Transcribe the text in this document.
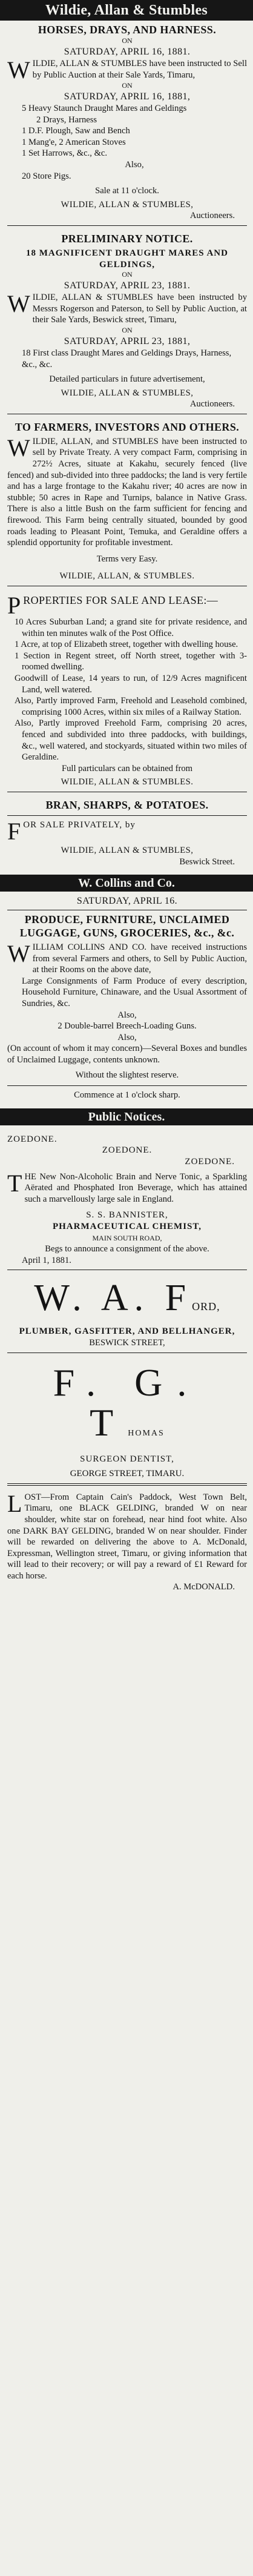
Wildie, Allan & Stumbles
HORSES, DRAYS, AND HARNESS.
ON
SATURDAY, APRIL 16, 1881.
WILDIE, ALLAN & STUMBLES have been instructed to Sell by Public Auction at their Sale Yards, Timaru,
ON
SATURDAY, APRIL 16, 1881,
5 Heavy Staunch Draught Mares and Geldings
2 Drays, Harness
1 D.F. Plough, Saw and Bench
1 Mang'e, 2 American Stoves
1 Set Harrows, &c., &c.
Also,
20 Store Pigs.
Sale at 11 o'clock.
WILDIE, ALLAN & STUMBLES,
Auctioneers.
PRELIMINARY NOTICE.
18 MAGNIFICENT DRAUGHT MARES AND GELDINGS,
ON
SATURDAY, APRIL 23, 1881.
WILDIE, ALLAN & STUMBLES have been instructed by Messrs Rogerson and Paterson, to Sell by Public Auction, at their Sale Yards, Beswick street, Timaru,
ON
SATURDAY, APRIL 23, 1881,
18 First class Draught Mares and Geldings Drays, Harness, &c., &c.
Detailed particulars in future advertisement,
WILDIE, ALLAN & STUMBLES,
Auctioneers.
TO FARMERS, INVESTORS AND OTHERS.
WILDIE, ALLAN, and STUMBLES have been instructed to sell by Private Treaty. A very compact Farm, comprising in 272½ Acres, situate at Kakahu, securely fenced (live fenced) and sub-divided into three paddocks; the land is very fertile and has a large frontage to the Kakahu river; 40 acres are now in stubble; 50 acres in Rape and Turnips, balance in Native Grass. There is also a little Bush on the farm sufficient for fencing and firewood. This Farm being centrally situated, bounded by good roads leading to Pleasant Point, Temuka, and Geraldine offers a splendid opportunity for profitable investment.
Terms very Easy.
WILDIE, ALLAN, & STUMBLES.
PROPERTIES FOR SALE AND LEASE:—
10 Acres Suburban Land; a grand site for private residence, and within ten minutes walk of the Post Office.
1 Acre, at top of Elizabeth street, together with dwelling house.
1 Section in Regent street, off North street, together with 3-roomed dwelling.
Goodwill of Lease, 14 years to run, of 12/9 Acres magnificent Land, well watered.
Also, Partly improved Farm, Freehold and Leasehold combined, comprising 1000 Acres, within six miles of a Railway Station.
Also, Partly improved Freehold Farm, comprising 20 acres, fenced and subdivided into three paddocks, with buildings, &c., well watered, and stockyards, situated within two miles of Geraldine.
Full particulars can be obtained from
WILDIE, ALLAN & STUMBLES.
BRAN, SHARPS, & POTATOES.
FOR SALE PRIVATELY, by
WILDIE, ALLAN & STUMBLES,
Beswick Street.
W. Collins and Co.
SATURDAY, APRIL 16.
PRODUCE, FURNITURE, UNCLAIMED LUGGAGE, GUNS, GROCERIES, &c., &c.
WILLIAM COLLINS AND CO. have received instructions from several Farmers and others, to Sell by Public Auction, at their Rooms on the above date,
Large Consignments of Farm Produce of every description, Household Furniture, Chinaware, and the Usual Assortment of Sundries, &c.
Also,
2 Double-barrel Breech-Loading Guns.
Also,
(On account of whom it may concern)—Several Boxes and bundles of Unclaimed Luggage, contents unknown.
Without the slightest reserve.
Commence at 1 o'clock sharp.
Public Notices.
ZOEDONE.
ZOEDONE.
ZOEDONE.
THE New Non-Alcoholic Brain and Nerve Tonic, a Sparkling Aërated and Phosphated Iron Beverage, which has attained such a marvellously large sale in England.
S. S. BANNISTER,
PHARMACEUTICAL CHEMIST,
MAIN SOUTH ROAD,
Begs to announce a consignment of the above.
April 1, 1881.
W. A. FORD,
PLUMBER, GASFITTER, AND BELLHANGER,
BESWICK STREET,
F. G. THOMAS
SURGEON DENTIST,
GEORGE STREET, TIMARU.
LOST—From Captain Cain's Paddock, West Town Belt, Timaru, one BLACK GELDING, branded W on near shoulder, white star on forehead, near hind foot white. Also one DARK BAY GELDING, branded W on near shoulder. Finder will be rewarded on delivering the above to A. McDonald, Expressman, Wellington street, Timaru, or giving information that will lead to their recovery; or will pay a reward of £1 Reward for each horse.
A. McDONALD.
